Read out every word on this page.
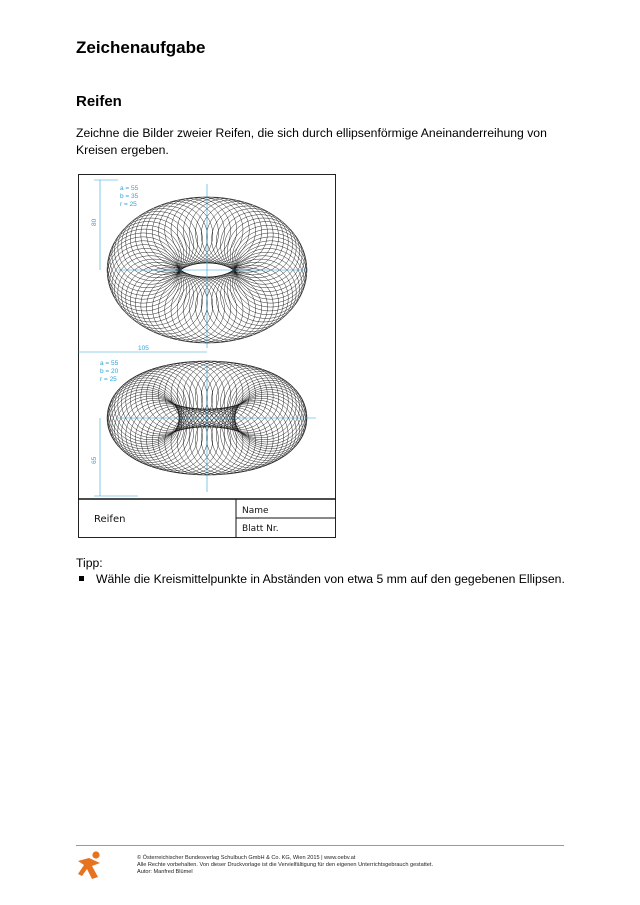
Zeichenaufgabe
Reifen
Zeichne die Bilder zweier Reifen, die sich durch ellipsenförmige Aneinanderreihung von Kreisen ergeben.
a = 55
b = 35
r = 25
80
105
a = 55
b = 20
r = 25
65
Reifen
Name
Blatt Nr.
Tipp:
Wähle die Kreismittelpunkte in Abständen von etwa 5 mm auf den gegebenen Ellipsen.
© Österreichischer Bundesverlag Schulbuch GmbH & Co. KG, Wien 2015 | www.oebv.at
Alle Rechte vorbehalten. Von dieser Druckvorlage ist die Vervielfältigung für den eigenen Unterrichtsgebrauch gestattet.
Autor: Manfred Blümel
